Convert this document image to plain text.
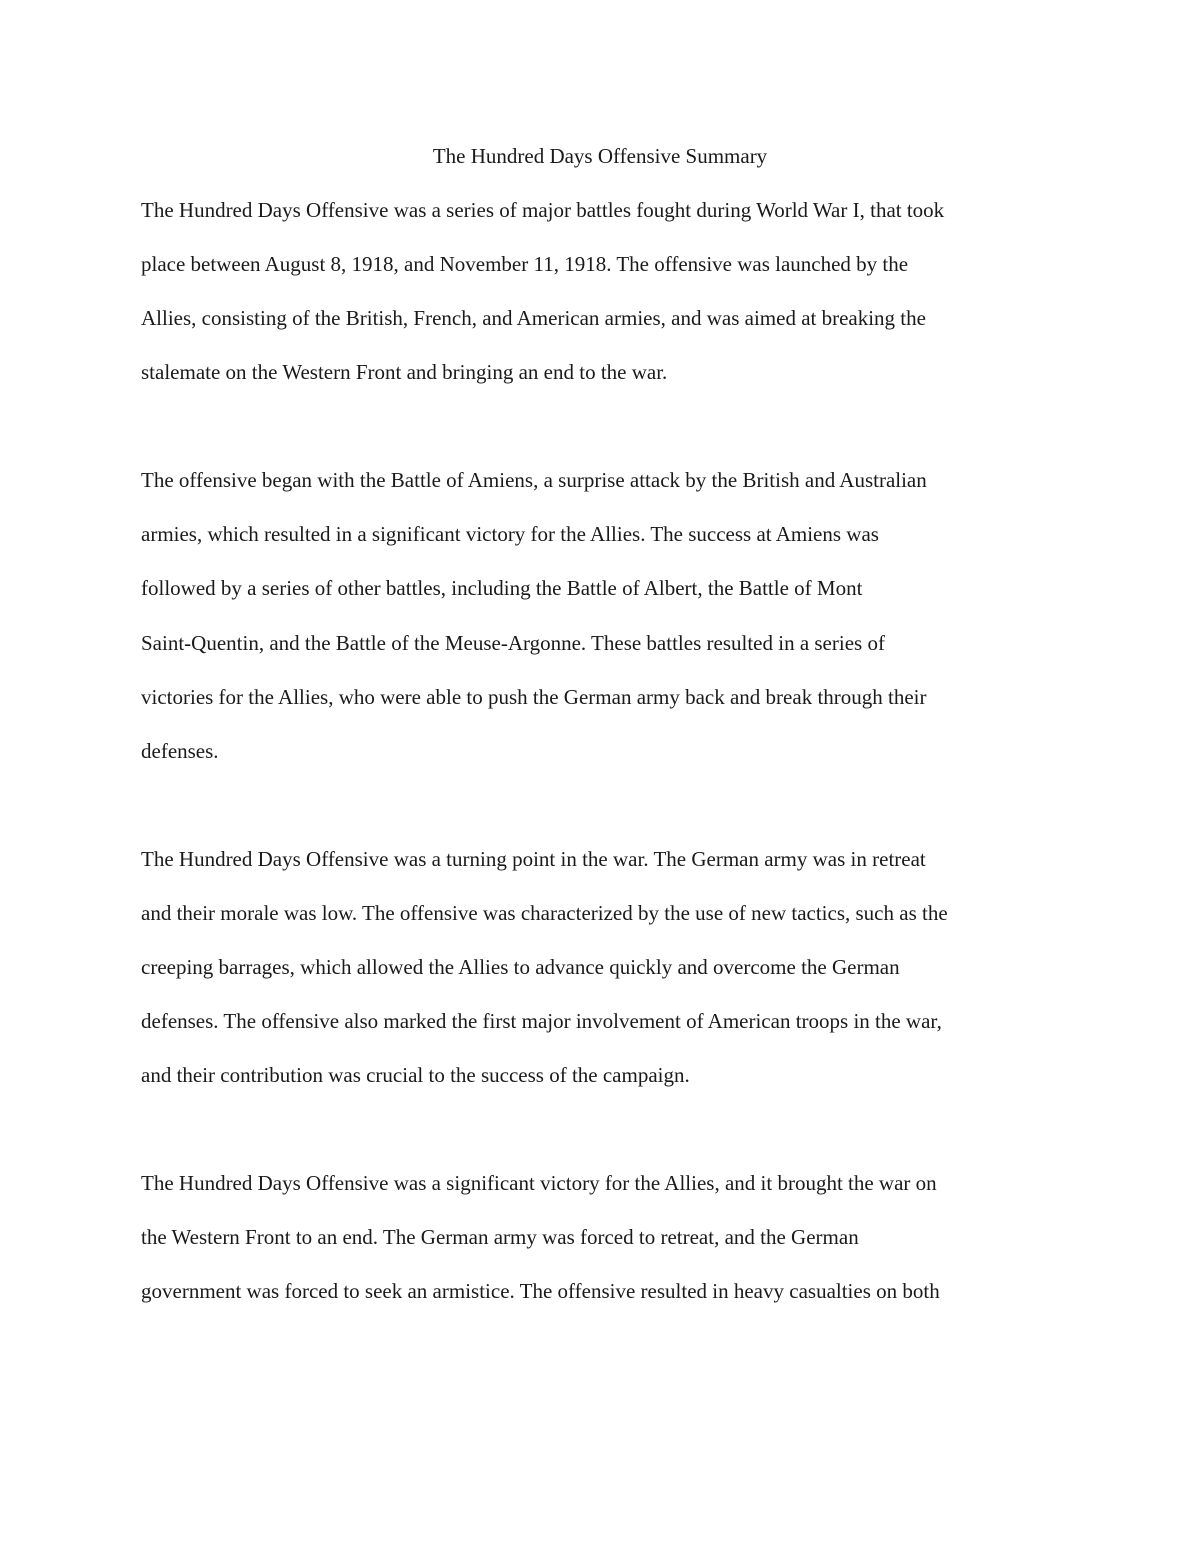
The Hundred Days Offensive Summary

The Hundred Days Offensive was a series of major battles fought during World War I, that took

place between August 8, 1918, and November 11, 1918. The offensive was launched by the

Allies, consisting of the British, French, and American armies, and was aimed at breaking the

stalemate on the Western Front and bringing an end to the war.

The offensive began with the Battle of Amiens, a surprise attack by the British and Australian

armies, which resulted in a significant victory for the Allies. The success at Amiens was

followed by a series of other battles, including the Battle of Albert, the Battle of Mont

Saint-Quentin, and the Battle of the Meuse-Argonne. These battles resulted in a series of

victories for the Allies, who were able to push the German army back and break through their

defenses.

The Hundred Days Offensive was a turning point in the war. The German army was in retreat

and their morale was low. The offensive was characterized by the use of new tactics, such as the

creeping barrages, which allowed the Allies to advance quickly and overcome the German

defenses. The offensive also marked the first major involvement of American troops in the war,

and their contribution was crucial to the success of the campaign.

The Hundred Days Offensive was a significant victory for the Allies, and it brought the war on

the Western Front to an end. The German army was forced to retreat, and the German

government was forced to seek an armistice. The offensive resulted in heavy casualties on both
